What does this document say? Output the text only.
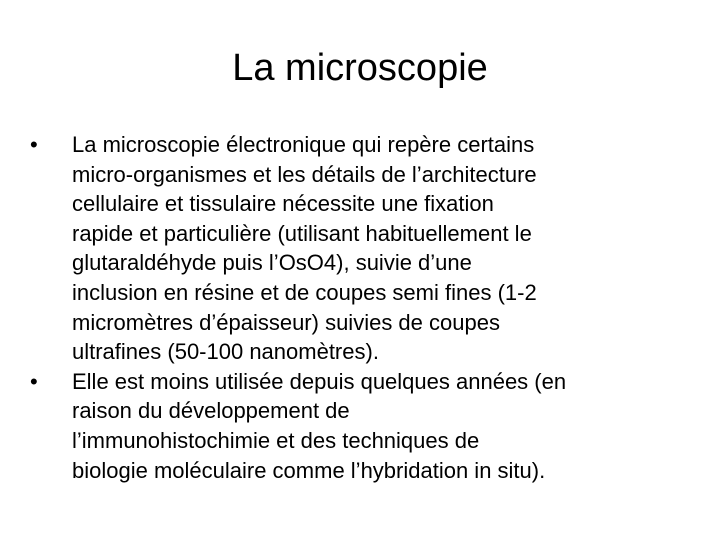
La microscopie
• La microscopie électronique qui repère certains
micro-organismes et les détails de l’architecture
cellulaire et tissulaire nécessite une fixation
rapide et particulière (utilisant habituellement le
glutaraldéhyde puis l’OsO4), suivie d’une
inclusion en résine et de coupes semi fines (1-2
micromètres d’épaisseur) suivies de coupes
ultrafines (50-100 nanomètres).
• Elle est moins utilisée depuis quelques années (en
raison du développement de
l’immunohistochimie et des techniques de
biologie moléculaire comme l’hybridation in situ).
